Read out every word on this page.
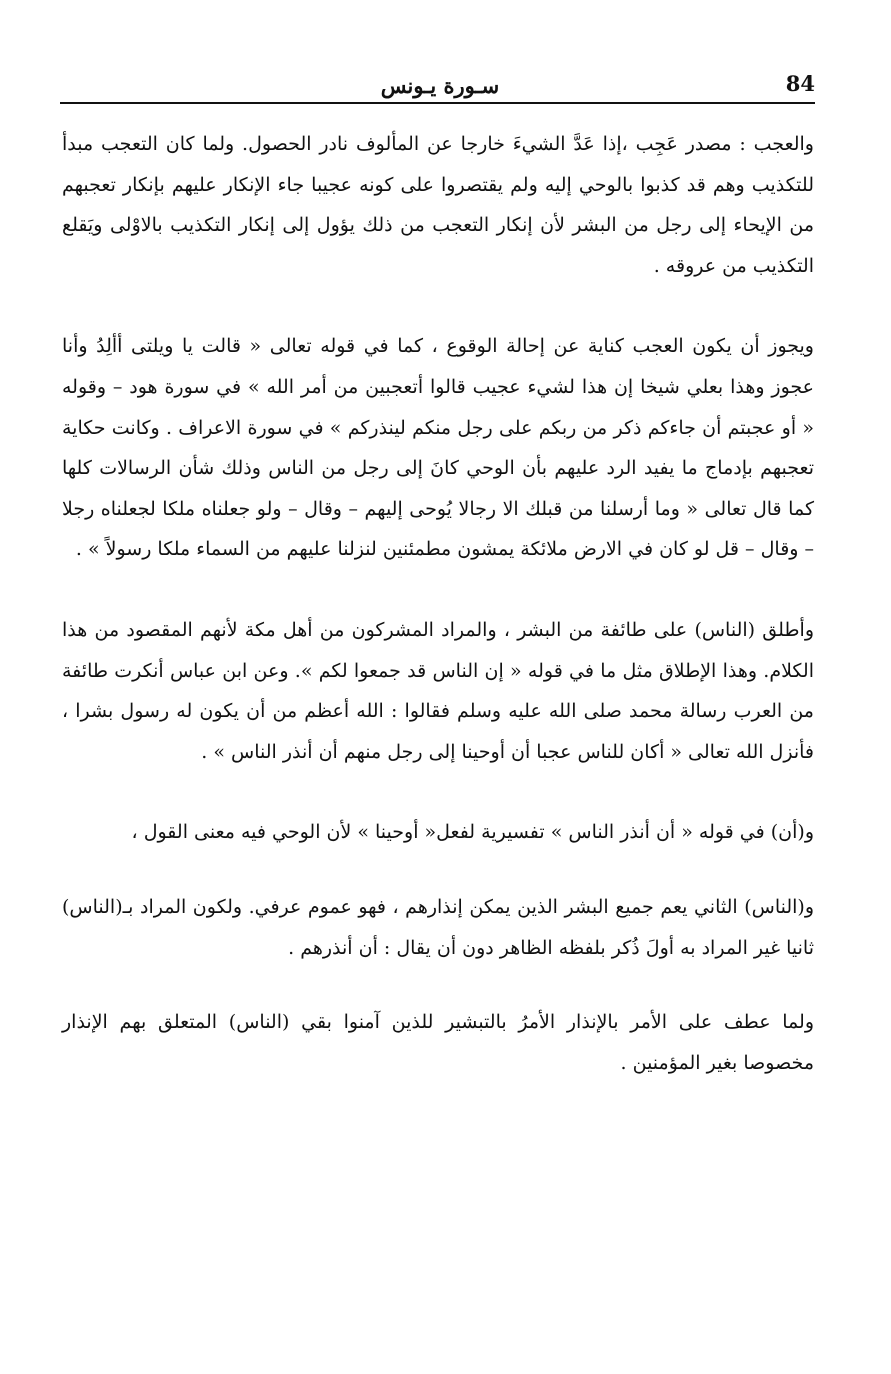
84
سـورة يـونس

والعجب : مصدر عَجِب ،إذا عَدَّ الشيءَ خارجا عن المألوف نادر الحصول. ولما كان التعجب مبدأ للتكذيب وهم قد كذبوا بالوحي إليه ولم يقتصروا على كونه عجيبا جاء الإنكار عليهم بإنكار تعجبهم من الإيحاء إلى رجل من البشر لأن إنكار التعجب من ذلك يؤول إلى إنكار التكذيب بالاوْلى ويَقلع التكذيب من عروقه .

ويجوز أن يكون العجب كناية عن إحالة الوقوع ، كما في قوله تعالى « قالت يا ويلتى أألِدُ وأنا عجوز وهذا بعلي شيخا إن هذا لشيء عجيب قالوا أتعجبين من أمر الله » في سورة هود – وقوله « أو عجبتم أن جاءكم ذكر من ربكم على رجل منكم لينذركم » في سورة الاعراف . وكانت حكاية تعجبهم بإدماج ما يفيد الرد عليهم بأن الوحي كانَ إلى رجل من الناس وذلك شأن الرسالات كلها كما قال تعالى « وما أرسلنا من قبلك الا رجالا يُوحى إليهم – وقال – ولو جعلناه ملكا لجعلناه رجلا – وقال – قل لو كان في الارض ملائكة يمشون مطمئنين لنزلنا عليهم من السماء ملكا رسولاً » .

وأطلق (الناس) على طائفة من البشر ، والمراد المشركون من أهل مكة لأنهم المقصود من هذا الكلام. وهذا الإطلاق مثل ما في قوله « إن الناس قد جمعوا لكم ». وعن ابن عباس أنكرت طائفة من العرب رسالة محمد صلى الله عليه وسلم فقالوا : الله أعظم من أن يكون له رسول بشرا ، فأنزل الله تعالى « أكان للناس عجبا أن أوحينا إلى رجل منهم أن أنذر الناس » .

و(أن) في قوله « أن أنذر الناس » تفسيرية لفعل« أوحينا » لأن الوحي فيه معنى القول ،

و(الناس) الثاني يعم جميع البشر الذين يمكن إنذارهم ، فهو عموم عرفي. ولكون المراد بـ(الناس) ثانيا غير المراد به أولَ ذُكر بلفظه الظاهر دون أن يقال : أن أنذرهم .

ولما عطف على الأمر بالإنذار الأمرُ بالتبشير للذين آمنوا بقي (الناس) المتعلق بهم الإنذار مخصوصا بغير المؤمنين .
